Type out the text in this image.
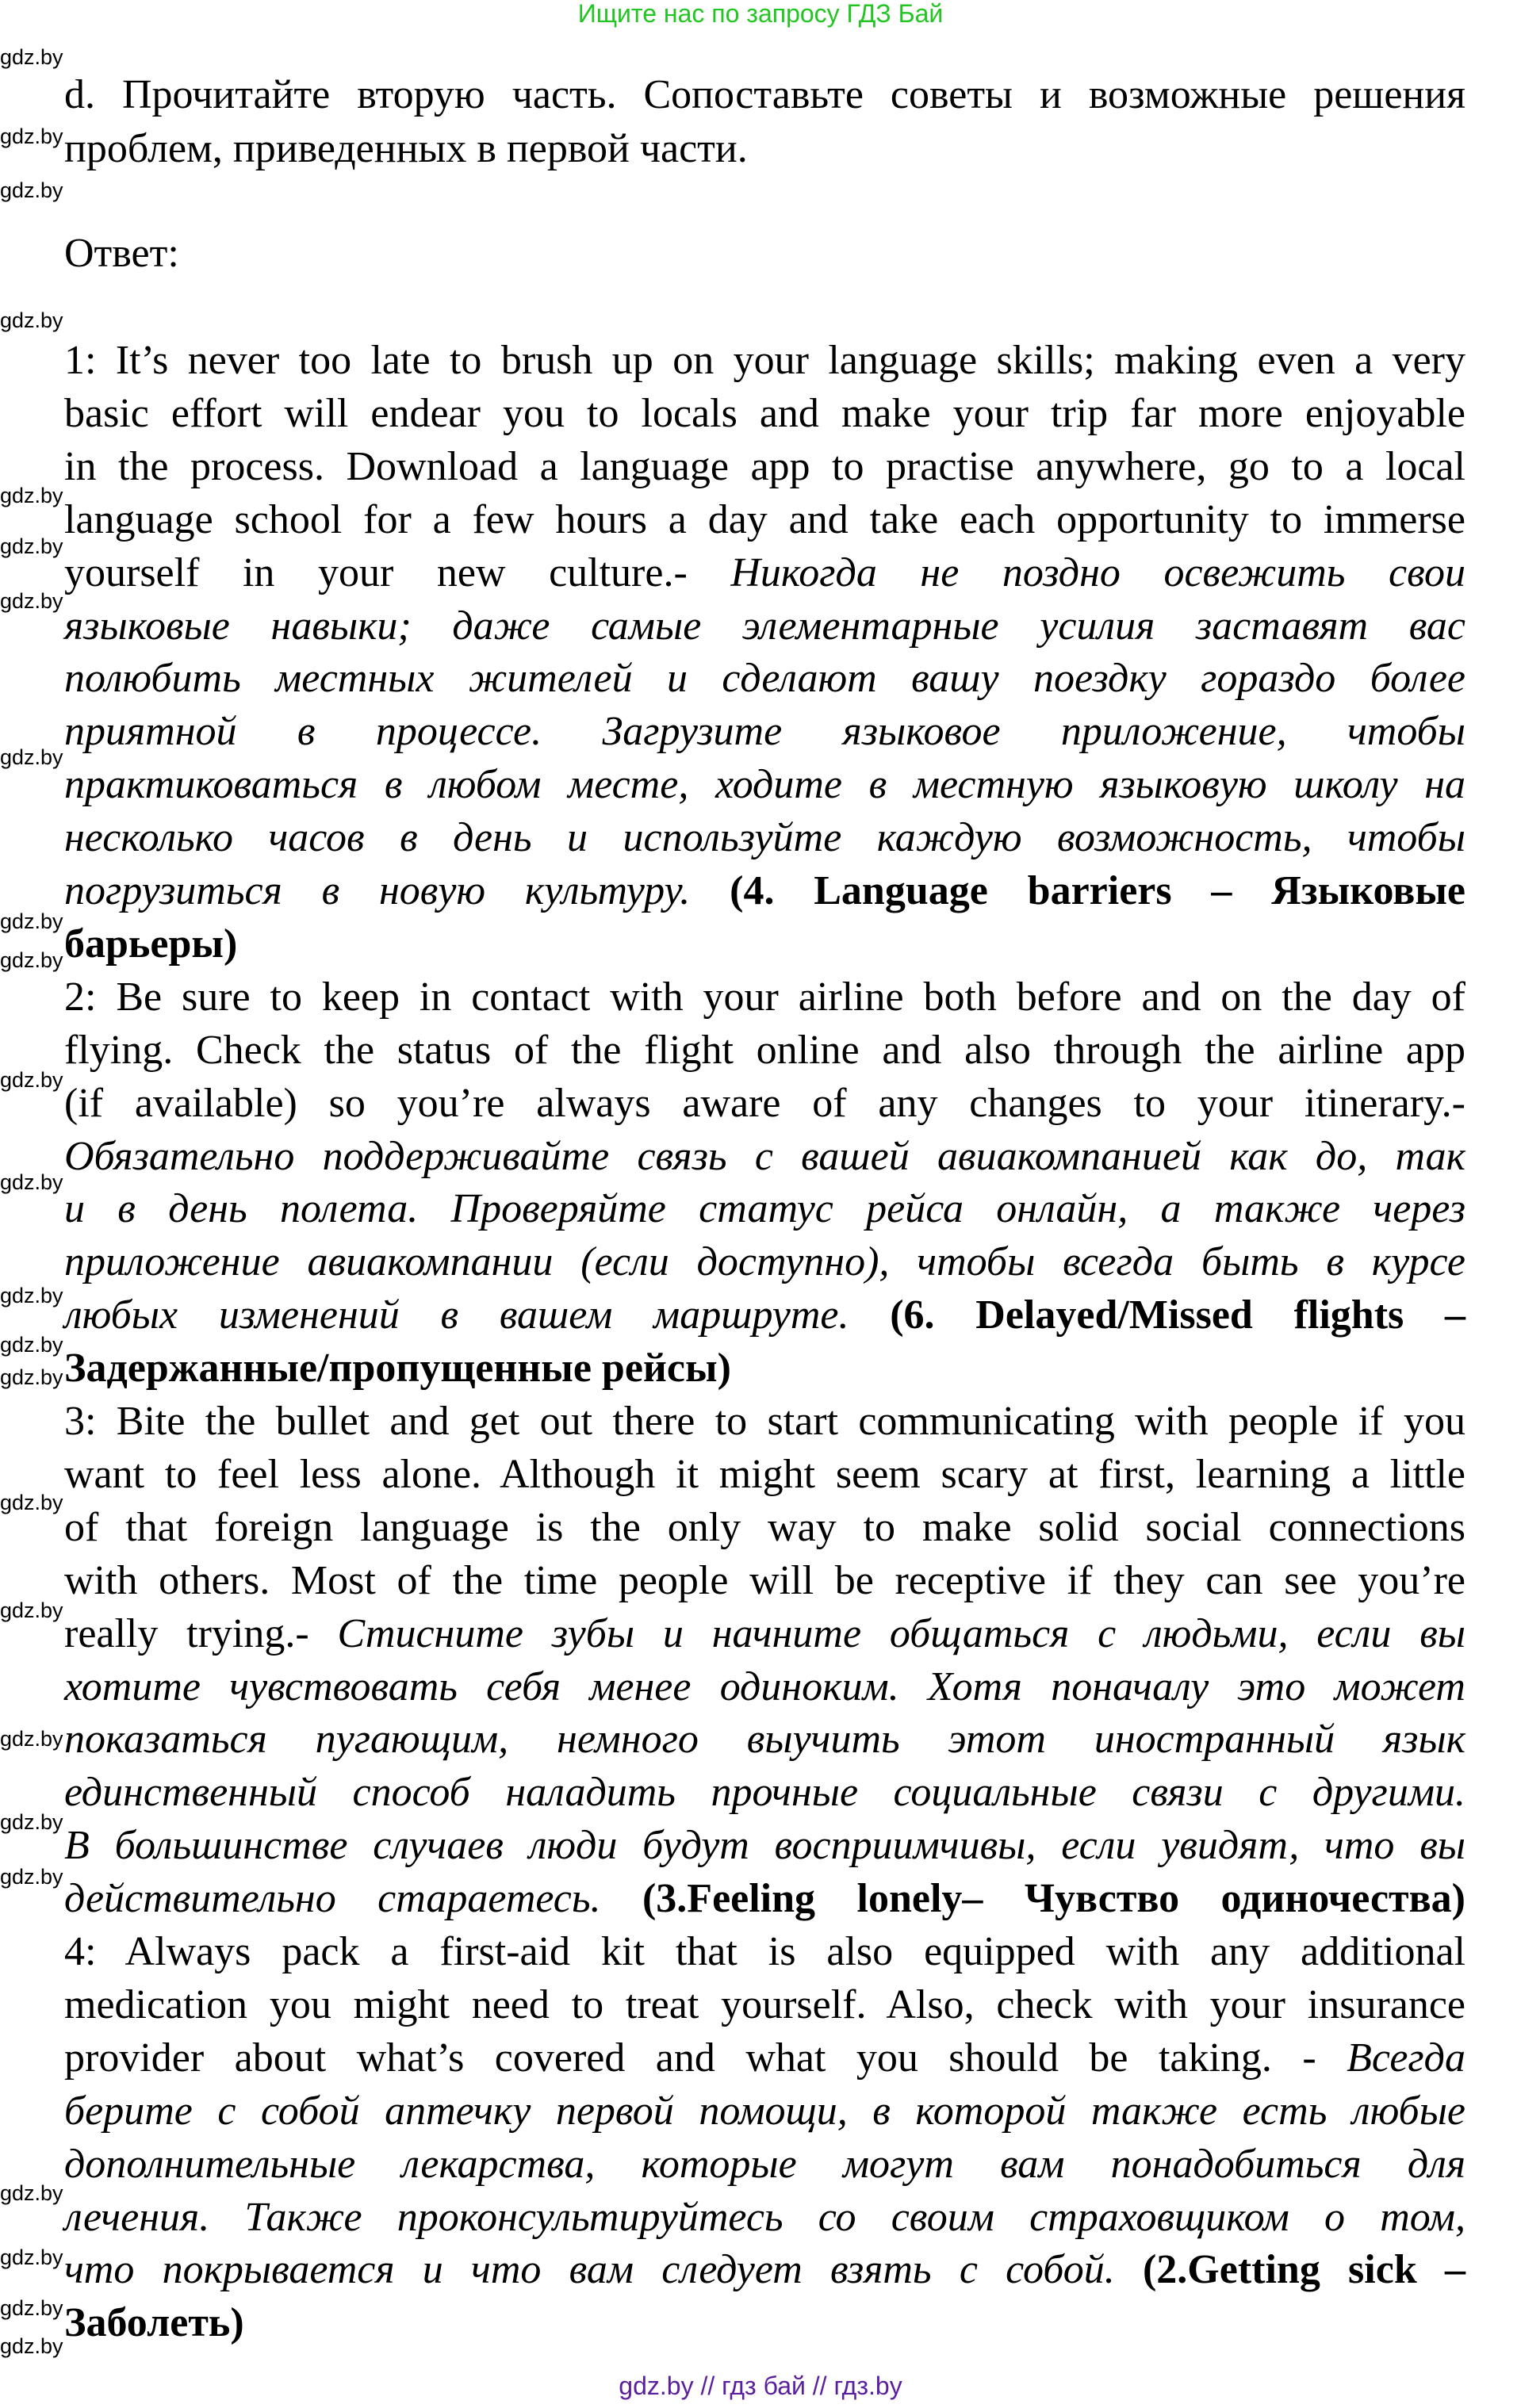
Ищите нас по запросу ГДЗ Бай
d. Прочитайте вторую часть. Сопоставьте советы и возможные решения
проблем, приведенных в первой части.
Ответ:
1: It’s never too late to brush up on your language skills; making even a very
basic effort will endear you to locals and make your trip far more enjoyable
in the process. Download a language app to practise anywhere, go to a local
language school for a few hours a day and take each opportunity to immerse
yourself in your new culture.- Никогда не поздно освежить свои
языковые навыки; даже самые элементарные усилия заставят вас
полюбить местных жителей и сделают вашу поездку гораздо более
приятной в процессе. Загрузите языковое приложение, чтобы
практиковаться в любом месте, ходите в местную языковую школу на
несколько часов в день и используйте каждую возможность, чтобы
погрузиться в новую культуру. (4. Language barriers – Языковые
барьеры)
2: Be sure to keep in contact with your airline both before and on the day of
flying. Check the status of the flight online and also through the airline app
(if available) so you’re always aware of any changes to your itinerary.-
Обязательно поддерживайте связь с вашей авиакомпанией как до, так
и в день полета. Проверяйте статус рейса онлайн, а также через
приложение авиакомпании (если доступно), чтобы всегда быть в курсе
любых изменений в вашем маршруте. (6. Delayed/Missed flights –
Задержанные/пропущенные рейсы)
3: Bite the bullet and get out there to start communicating with people if you
want to feel less alone. Although it might seem scary at first, learning a little
of that foreign language is the only way to make solid social connections
with others. Most of the time people will be receptive if they can see you’re
really trying.- Стисните зубы и начните общаться с людьми, если вы
хотите чувствовать себя менее одиноким. Хотя поначалу это может
показаться пугающим, немного выучить этот иностранный язык
единственный способ наладить прочные социальные связи с другими.
В большинстве случаев люди будут восприимчивы, если увидят, что вы
действительно стараетесь. (3.Feeling lonely– Чувство одиночества)
4: Always pack a first-aid kit that is also equipped with any additional
medication you might need to treat yourself. Also, check with your insurance
provider about what’s covered and what you should be taking. - Всегда
берите с собой аптечку первой помощи, в которой также есть любые
дополнительные лекарства, которые могут вам понадобиться для
лечения. Также проконсультируйтесь со своим страховщиком о том,
что покрывается и что вам следует взять с собой. (2.Getting sick –
Заболеть)
gdz.by
gdz.by
gdz.by
gdz.by
gdz.by
gdz.by
gdz.by
gdz.by
gdz.by
gdz.by
gdz.by
gdz.by
gdz.by
gdz.by
gdz.by
gdz.by
gdz.by
gdz.by
gdz.by
gdz.by
gdz.by
gdz.by
gdz.by
gdz.by
gdz.by // гдз бай // гдз.by
